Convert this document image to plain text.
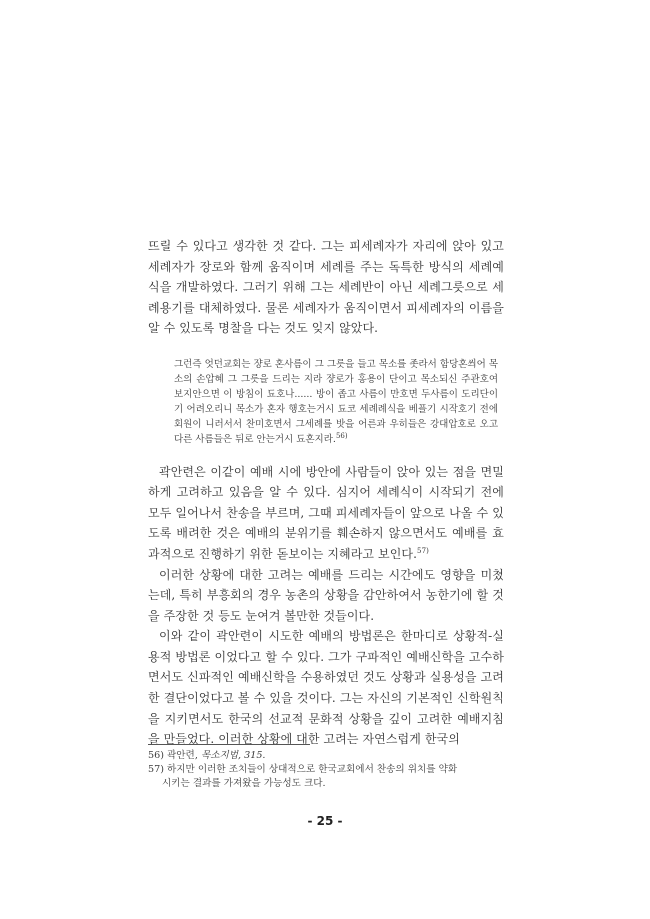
뜨릴 수 있다고 생각한 것 같다. 그는 피세례자가 자리에 앉아 있고 세례자가 장로와 함께 움직이며 세례를 주는 독특한 방식의 세례예식을 개발하였다. 그러기 위해 그는 세례반이 아닌 세례그릇으로 세례용기를 대체하였다. 물론 세례자가 움직이면서 피세례자의 이름을 알 수 있도록 명찰을 다는 것도 잊지 않았다.

그런즉 엇던교회는 쟝로 혼사름이 그 그릇을 들고 목소를 좃라서 함당혼씌어 목소의 손압혜 그 그릇을 드리는 지라 쟝로가 홍용이 단이고 목소되신 주관호여 보지안으면 이 방침이 됴호나...... 방이 좁고 사름이 만호면 두사름이 도리단이기 어려오리니 목소가 혼자 행호는거시 됴코 세례례식을 베플기 시작호기 전에 회원이 니러서서 찬미호면서 그세례를 밧을 어른과 우히들은 강대압호로 오고 다른 사름들은 뒤로 안는거시 됴혼지라.$^{56)}$

곽안련은 이같이 예배 시에 방안에 사람들이 앉아 있는 점을 면밀하게 고려하고 있음을 알 수 있다. 심지어 세례식이 시작되기 전에 모두 일어나서 찬송을 부르며, 그때 피세례자들이 앞으로 나올 수 있도록 배려한 것은 예배의 분위기를 훼손하지 않으면서도 예배를 효과적으로 진행하기 위한 돋보이는 지혜라고 보인다.$^{57)}$

이러한 상황에 대한 고려는 예배를 드리는 시간에도 영향을 미쳤는데, 특히 부흥회의 경우 농촌의 상황을 감안하여서 농한기에 할 것을 주장한 것 등도 눈여겨 볼만한 것들이다.

이와 같이 곽안련이 시도한 예배의 방법론은 한마디로 상황적-실용적 방법론 이었다고 할 수 있다. 그가 구파적인 예배신학을 고수하면서도 신파적인 예배신학을 수용하였던 것도 상황과 실용성을 고려한 결단이었다고 볼 수 있을 것이다. 그는 자신의 기본적인 신학원칙을 지키면서도 한국의 선교적 문화적 상황을 깊이 고려한 예배지침을 만들었다. 이러한 상황에 대한 고려는 자연스럽게 한국의

56) 곽안련, 목소지법, 315.

57) 하지만 이러한 조치들이 상대적으로 한국교회에서 찬송의 위치를 약화

시키는 결과를 가져왔을 가능성도 크다.

- 25 -
